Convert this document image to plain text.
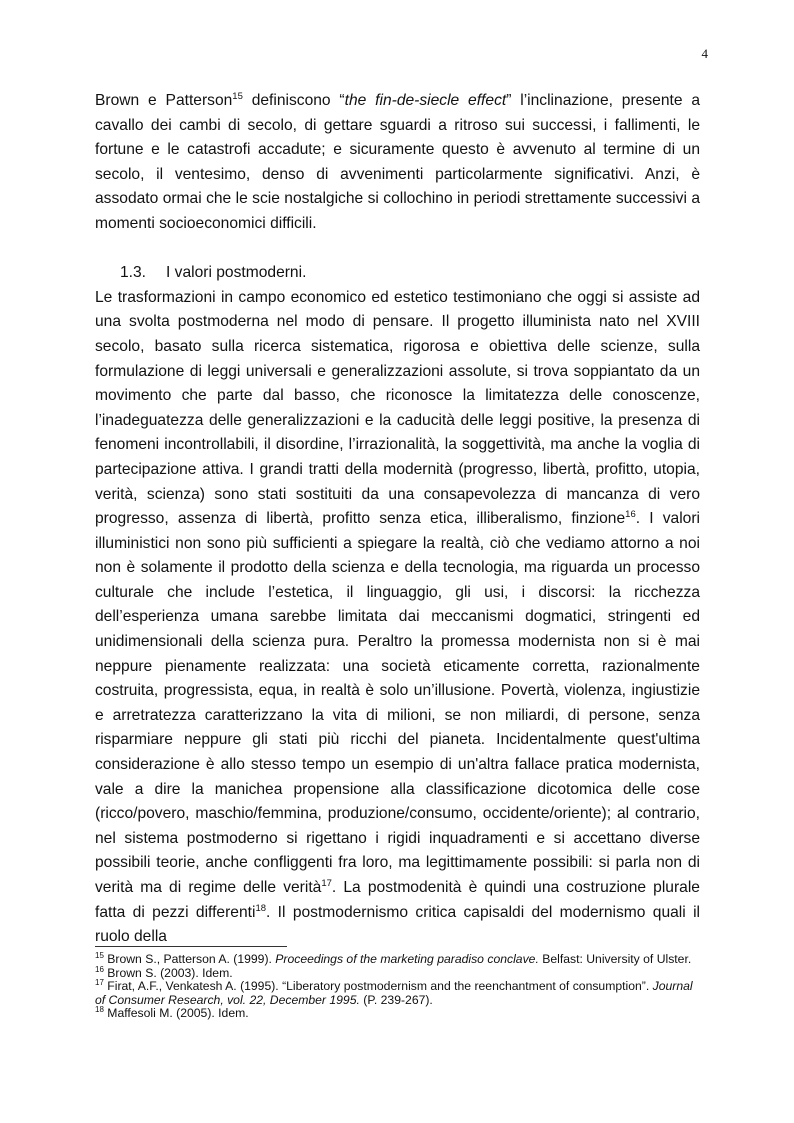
4

Brown e Patterson$^{15}$ definiscono “the fin-de-siecle effect” l’inclinazione, presente a cavallo dei cambi di secolo, di gettare sguardi a ritroso sui successi, i fallimenti, le fortune e le catastrofi accadute; e sicuramente questo è avvenuto al termine di un secolo, il ventesimo, denso di avvenimenti particolarmente significativi. Anzi, è assodato ormai che le scie nostalgiche si collochino in periodi strettamente successivi a momenti socioeconomici difficili.

1.3. I valori postmoderni.

Le trasformazioni in campo economico ed estetico testimoniano che oggi si assiste ad una svolta postmoderna nel modo di pensare. Il progetto illuminista nato nel XVIII secolo, basato sulla ricerca sistematica, rigorosa e obiettiva delle scienze, sulla formulazione di leggi universali e generalizzazioni assolute, si trova soppiantato da un movimento che parte dal basso, che riconosce la limitatezza delle conoscenze, l’inadeguatezza delle generalizzazioni e la caducità delle leggi positive, la presenza di fenomeni incontrollabili, il disordine, l’irrazionalità, la soggettività, ma anche la voglia di partecipazione attiva. I grandi tratti della modernità (progresso, libertà, profitto, utopia, verità, scienza) sono stati sostituiti da una consapevolezza di mancanza di vero progresso, assenza di libertà, profitto senza etica, illiberalismo, finzione$^{16}$. I valori illuministici non sono più sufficienti a spiegare la realtà, ciò che vediamo attorno a noi non è solamente il prodotto della scienza e della tecnologia, ma riguarda un processo culturale che include l’estetica, il linguaggio, gli usi, i discorsi: la ricchezza dell’esperienza umana sarebbe limitata dai meccanismi dogmatici, stringenti ed unidimensionali della scienza pura. Peraltro la promessa modernista non si è mai neppure pienamente realizzata: una società eticamente corretta, razionalmente costruita, progressista, equa, in realtà è solo un’illusione. Povertà, violenza, ingiustizie e arretratezza caratterizzano la vita di milioni, se non miliardi, di persone, senza risparmiare neppure gli stati più ricchi del pianeta. Incidentalmente quest'ultima considerazione è allo stesso tempo un esempio di un'altra fallace pratica modernista, vale a dire la manichea propensione alla classificazione dicotomica delle cose (ricco/povero, maschio/femmina, produzione/consumo, occidente/oriente); al contrario, nel sistema postmoderno si rigettano i rigidi inquadramenti e si accettano diverse possibili teorie, anche confliggenti fra loro, ma legittimamente possibili: si parla non di verità ma di regime delle verità$^{17}$. La postmodenità è quindi una costruzione plurale fatta di pezzi differenti$^{18}$. Il postmodernismo critica capisaldi del modernismo quali il ruolo della

$^{15}$ Brown S., Patterson A. (1999). Proceedings of the marketing paradiso conclave. Belfast: University of Ulster.

$^{16}$ Brown S. (2003). Idem.

$^{17}$ Firat, A.F., Venkatesh A. (1995). “Liberatory postmodernism and the reenchantment of consumption”. Journal of Consumer Research, vol. 22, December 1995. (P. 239-267).

$^{18}$ Maffesoli M. (2005). Idem.
